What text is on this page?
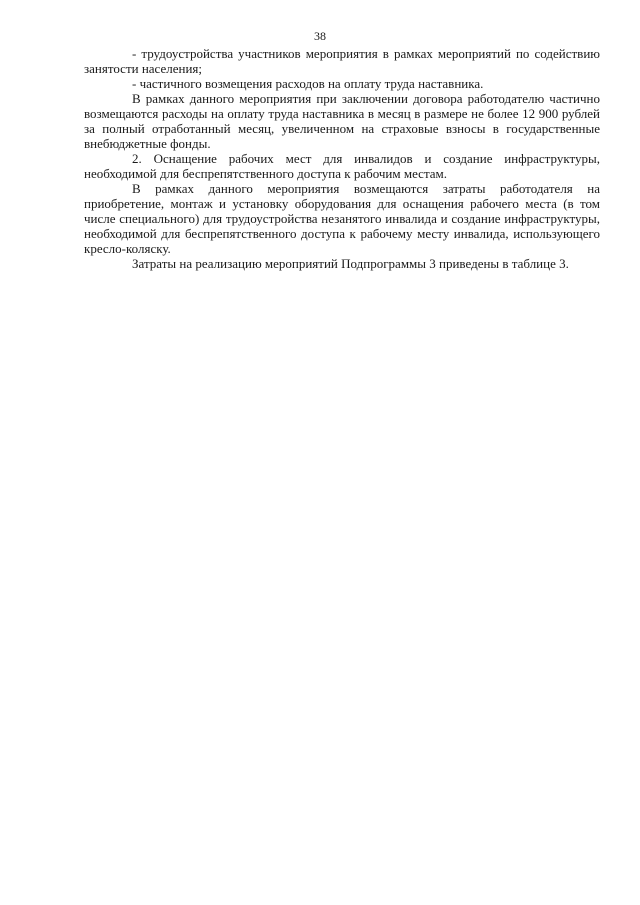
38

- трудоустройства участников мероприятия в рамках мероприятий по содействию занятости населения;

- частичного возмещения расходов на оплату труда наставника.

В рамках данного мероприятия при заключении договора работодателю частично возмещаются расходы на оплату труда наставника в месяц в размере не более 12 900 рублей за полный отработанный месяц, увеличенном на страховые взносы в государственные внебюджетные фонды.

2. Оснащение рабочих мест для инвалидов и создание инфраструктуры, необходимой для беспрепятственного доступа к рабочим местам.

В рамках данного мероприятия возмещаются затраты работодателя на приобретение, монтаж и установку оборудования для оснащения рабочего места (в том числе специального) для трудоустройства незанятого инвалида и создание инфраструктуры, необходимой для беспрепятственного доступа к рабочему месту инвалида, использующего кресло-коляску.

Затраты на реализацию мероприятий Подпрограммы 3 приведены в таблице 3.
